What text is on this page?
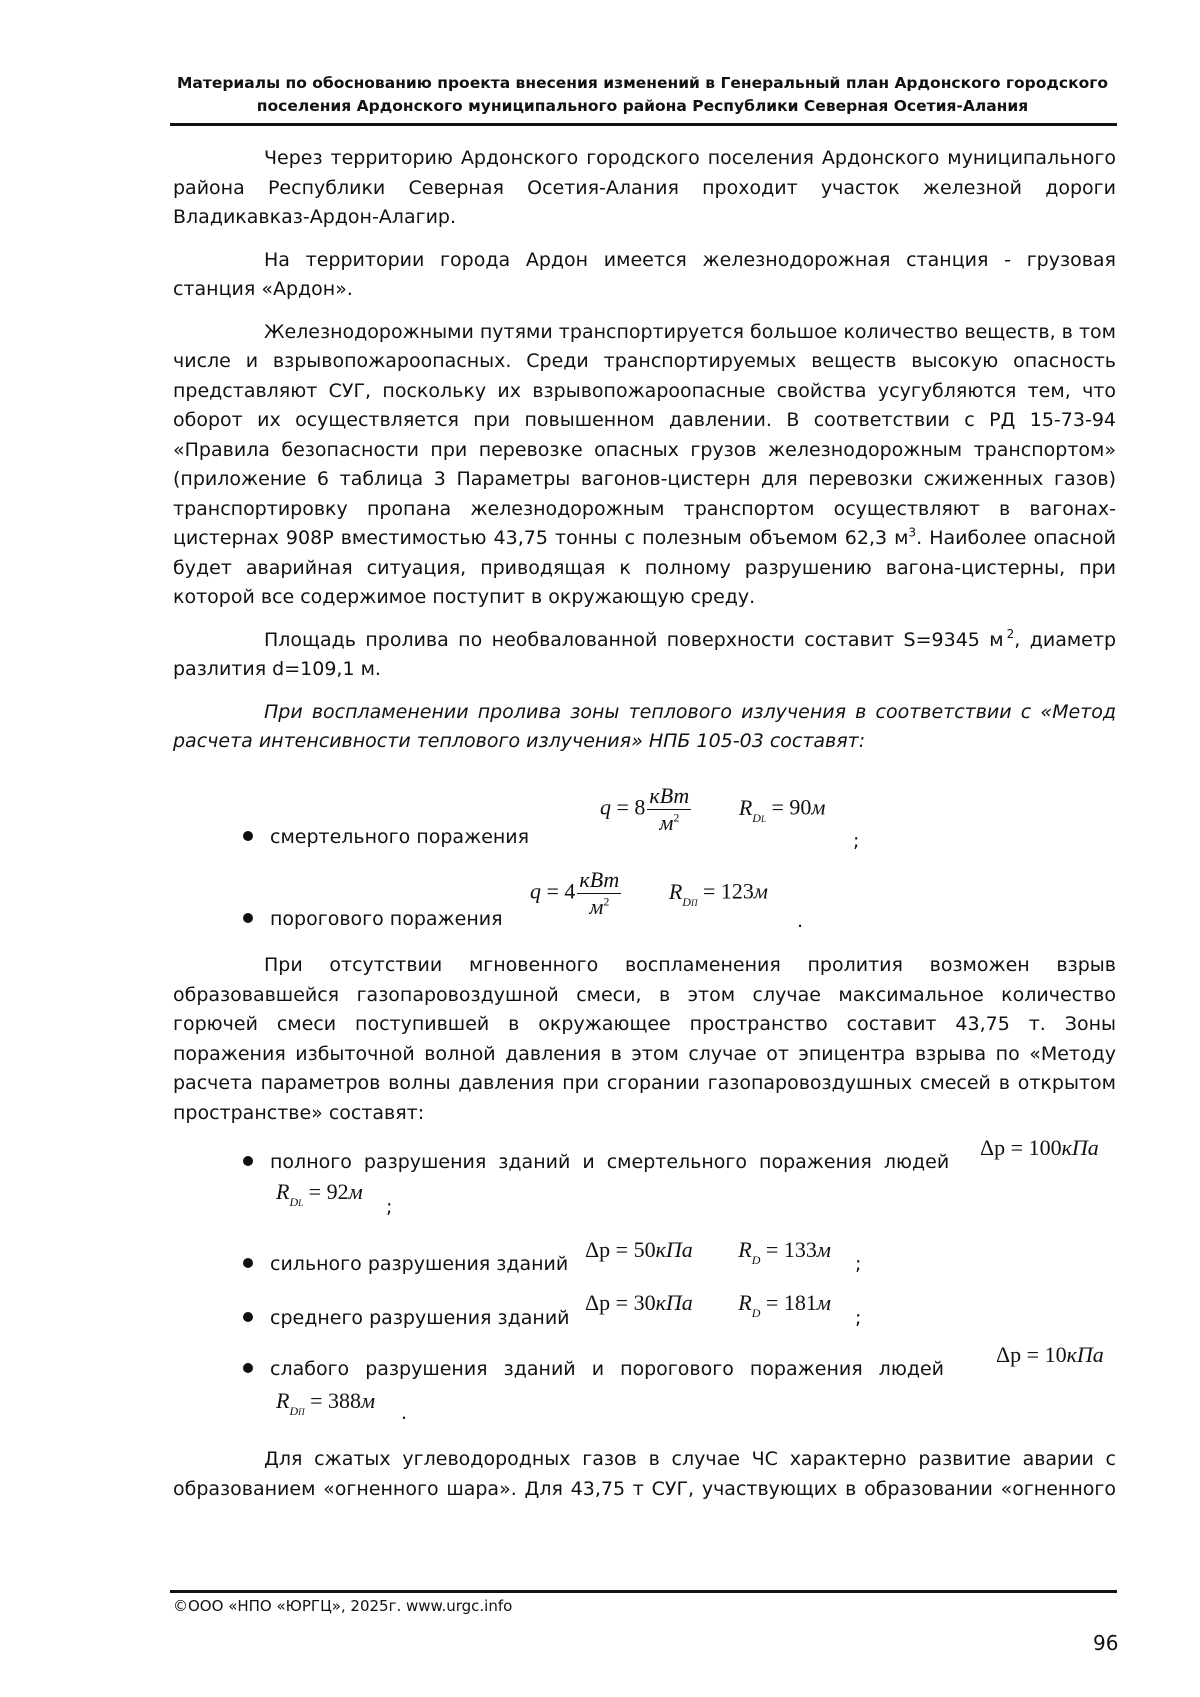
Материалы по обоснованию проекта внесения изменений в Генеральный план Ардонского городского
поселения Ардонского муниципального района Республики Северная Осетия-Алания

Через территорию Ардонского городского поселения Ардонского муниципального района Республики Северная Осетия-Алания проходит участок железной дороги Владикавказ-Ардон-Алагир.

На территории города Ардон имеется железнодорожная станция - грузовая станция «Ардон».

Железнодорожными путями транспортируется большое количество веществ, в том числе и взрывопожароопасных. Среди транспортируемых веществ высокую опасность представляют СУГ, поскольку их взрывопожароопасные свойства усугубляются тем, что оборот их осуществляется при повышенном давлении. В соответствии с РД 15-73-94 «Правила безопасности при перевозке опасных грузов железнодорожным транспортом» (приложение 6 таблица 3 Параметры вагонов-цистерн для перевозки сжиженных газов) транспортировку пропана железнодорожным транспортом осуществляют в вагонах-цистернах 908Р вместимостью 43,75 тонны с полезным объемом 62,3 $м^3$. Наиболее опасной будет аварийная ситуация, приводящая к полному разрушению вагона-цистерны, при которой все содержимое поступит в окружающую среду.

Площадь пролива по необвалованной поверхности составит S=9345 м $^2$, диаметр разлития d=109,1 м.

При воспламенении пролива зоны теплового излучения в соответствии с «Метод расчета интенсивности теплового излучения» НПБ 105-03 составят:

смертельного поражения
$q = 8 \frac{\text{кВт}}{м^2} R_{DL} = 90м$
;
порогового поражения
$q = 4 \frac{\text{кВт}}{м^2} R_{DП} = 123м$
.

При отсутствии мгновенного воспламенения пролития возможен взрыв образовавшейся газопаровоздушной смеси, в этом случае максимальное количество горючей смеси поступившей в окружающее пространство составит 43,75 т. Зоны поражения избыточной волной давления в этом случае от эпицентра взрыва по «Методу расчета параметров волны давления при сгорании газопаровоздушных смесей в открытом пространстве» составят:

полного разрушения зданий и смертельного поражения людей
Δp = 100кПа
$R_{DL} = 92м$
;
сильного разрушения зданий
Δp = 50кПа $R_D = 133м$
;
среднего разрушения зданий
Δp = 30кПа $R_D = 181м$
;
слабого разрушения зданий и порогового поражения людей
Δp = 10кПа
$R_{DП} = 388м$ .

Для сжатых углеводородных газов в случае ЧС характерно развитие аварии с образованием «огненного шара». Для 43,75 т СУГ, участвующих в образовании «огненного

©ООО «НПО «ЮРГЦ», 2025г. www.urgc.info
96
